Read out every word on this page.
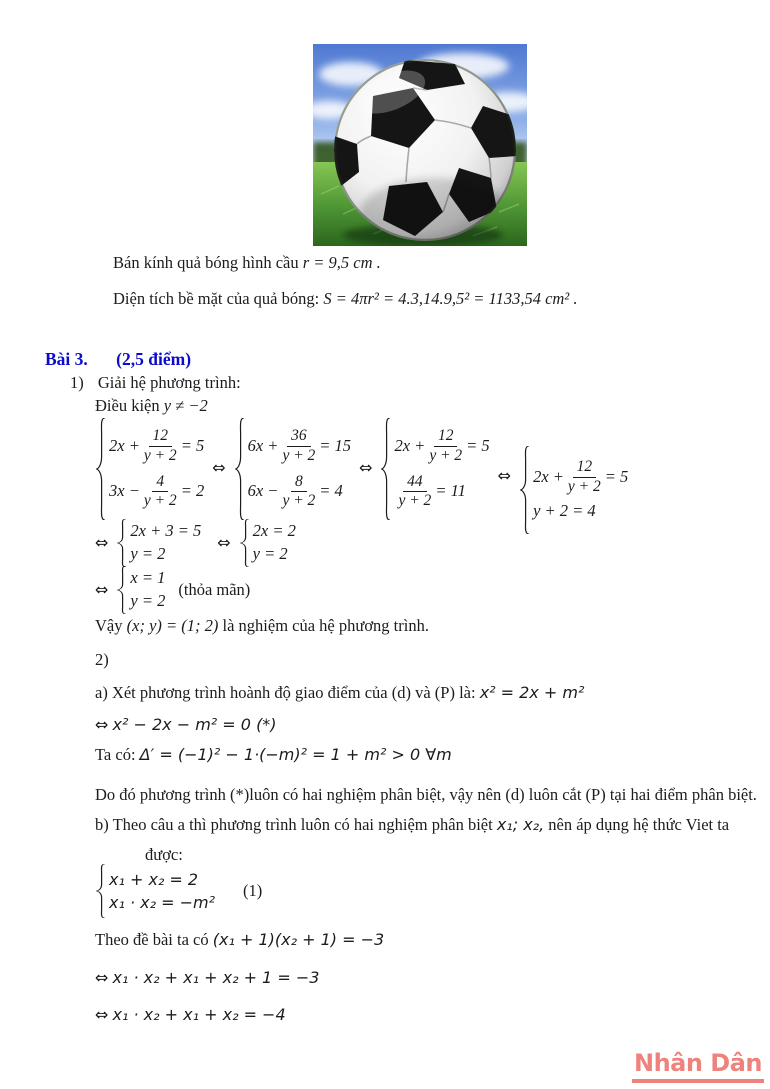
Bán kính quả bóng hình cầu r = 9,5 cm .
Diện tích bề mặt của quả bóng: S = 4πr² = 4.3,14.9,5² = 1133,54 cm² .
Bài 3. (2,5 điểm)
1) Giải hệ phương trình:
Điều kiện y ≠ −2
$2x + \frac{12}{y + 2} = 5$
$3x - \frac{4}{y + 2} = 2$
⇔
$6x + \frac{36}{y + 2} = 15$
$6x - \frac{8}{y + 2} = 4$
⇔
$2x + \frac{12}{y + 2} = 5$
$\frac{44}{y + 2} = 11$
⇔ $2x + \frac{12}{y + 2} = 5$
y + 2 = 4
⇔
2x + 3 = 5
y = 2
⇔
2x = 2
y = 2
⇔
x = 1
y = 2
(thỏa mãn)
Vậy (x; y) = (1; 2) là nghiệm của hệ phương trình.
2)
a) Xét phương trình hoành độ giao điểm của (d) và (P) là: x² = 2x + m²
⇔ x² − 2x − m² = 0 (*)
Ta có: Δ′ = (−1)² − 1·(−m)² = 1 + m² > 0 ∀m
Do đó phương trình (*)luôn có hai nghiệm phân biệt, vậy nên (d) luôn cắt (P) tại hai điểm phân biệt.
b) Theo câu a thì phương trình luôn có hai nghiệm phân biệt x₁; x₂, nên áp dụng hệ thức Viet ta
được:
x₁ + x₂ = 2
x₁ · x₂ = −m²
(1)
Theo đề bài ta có (x₁ + 1)(x₂ + 1) = −3
⇔ x₁ · x₂ + x₁ + x₂ + 1 = −3
⇔ x₁ · x₂ + x₁ + x₂ = −4
Nhân Dân
